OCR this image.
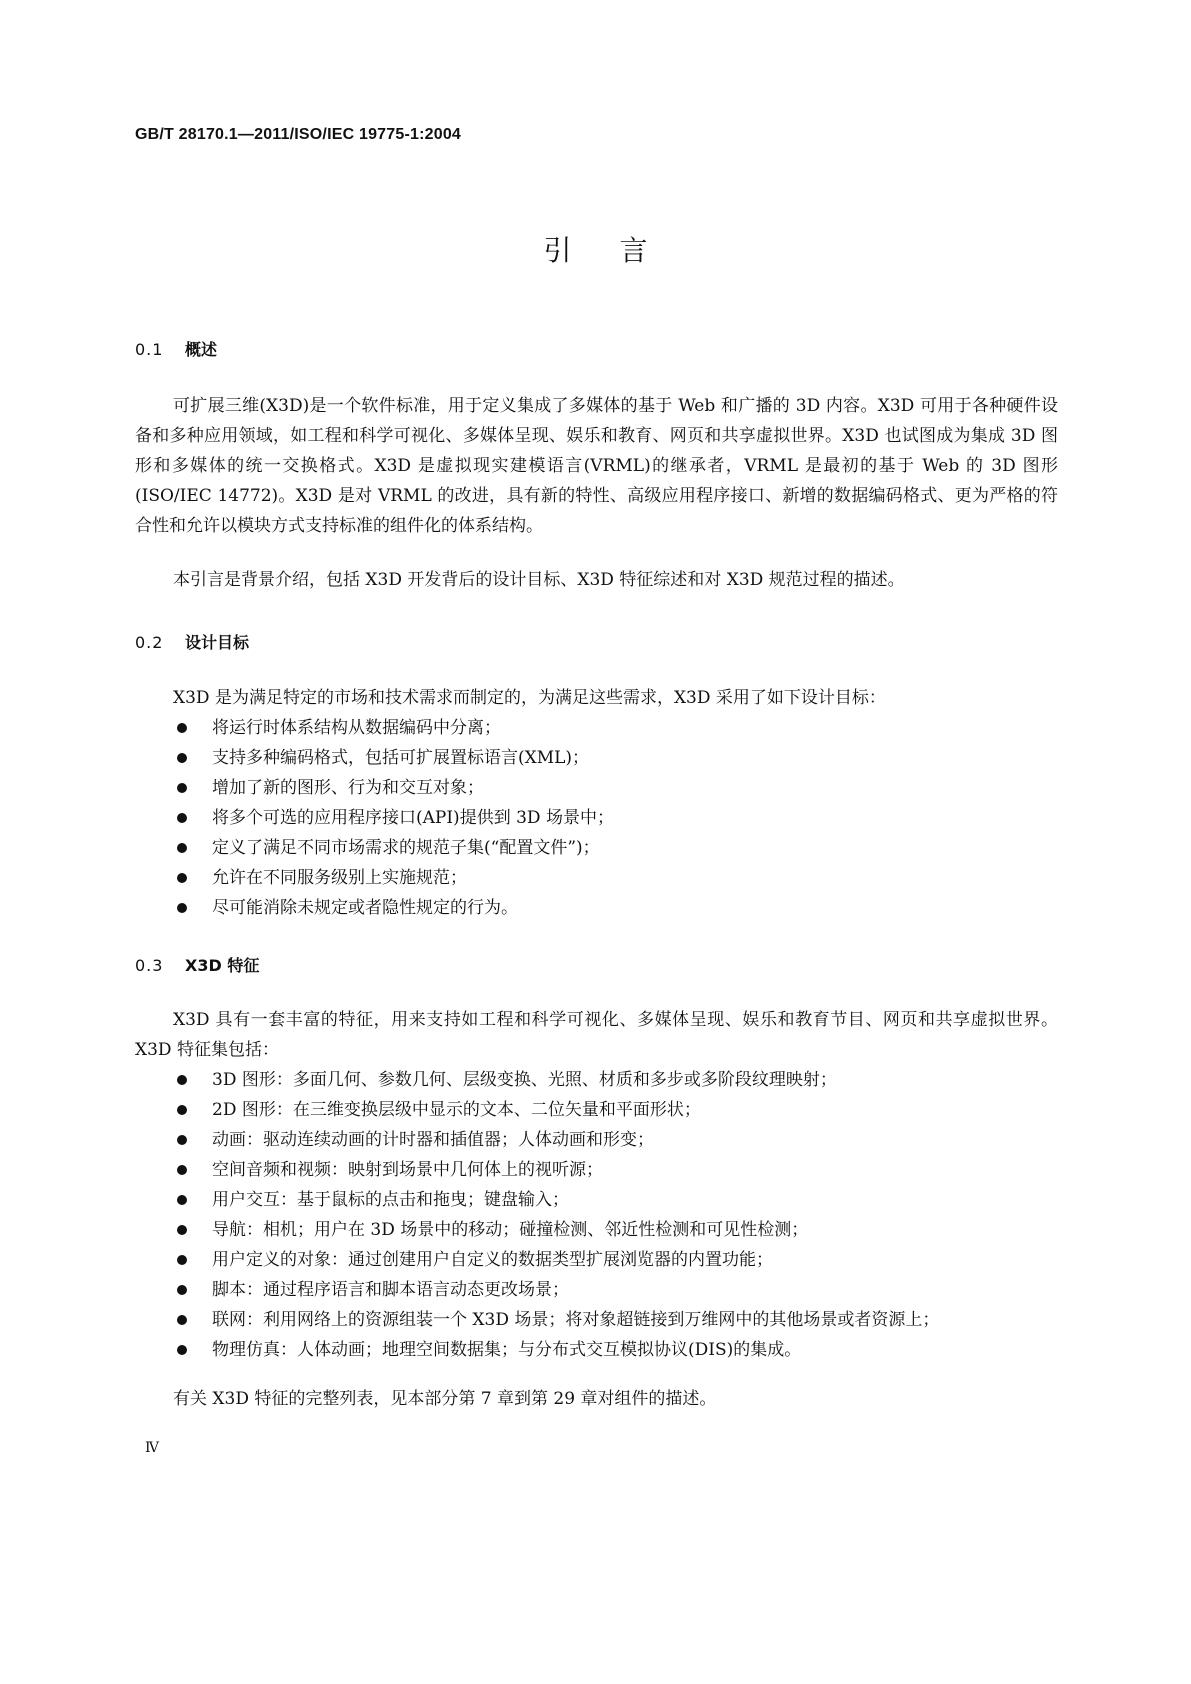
GB/T 28170.1—2011/ISO/IEC 19775-1:2004
引言
0.1 概述

可扩展三维(X3D)是一个软件标准，用于定义集成了多媒体的基于 Web 和广播的 3D 内容。X3D 可用于各种硬件设备和多种应用领域，如工程和科学可视化、多媒体呈现、娱乐和教育、网页和共享虚拟世界。X3D 也试图成为集成 3D 图形和多媒体的统一交换格式。X3D 是虚拟现实建模语言(VRML)的继承者，VRML 是最初的基于 Web 的 3D 图形(ISO/IEC 14772)。X3D 是对 VRML 的改进，具有新的特性、高级应用程序接口、新增的数据编码格式、更为严格的符合性和允许以模块方式支持标准的组件化的体系结构。

本引言是背景介绍，包括 X3D 开发背后的设计目标、X3D 特征综述和对 X3D 规范过程的描述。

0.2 设计目标

X3D 是为满足特定的市场和技术需求而制定的，为满足这些需求，X3D 采用了如下设计目标：

将运行时体系结构从数据编码中分离；
支持多种编码格式，包括可扩展置标语言(XML)；
增加了新的图形、行为和交互对象；
将多个可选的应用程序接口(API)提供到 3D 场景中；
定义了满足不同市场需求的规范子集(“配置文件”)；
允许在不同服务级别上实施规范；
尽可能消除未规定或者隐性规定的行为。
0.3 X3D 特征

X3D 具有一套丰富的特征，用来支持如工程和科学可视化、多媒体呈现、娱乐和教育节目、网页和共享虚拟世界。X3D 特征集包括：

3D 图形：多面几何、参数几何、层级变换、光照、材质和多步或多阶段纹理映射；
2D 图形：在三维变换层级中显示的文本、二位矢量和平面形状；
动画：驱动连续动画的计时器和插值器；人体动画和形变；
空间音频和视频：映射到场景中几何体上的视听源；
用户交互：基于鼠标的点击和拖曳；键盘输入；
导航：相机；用户在 3D 场景中的移动；碰撞检测、邻近性检测和可见性检测；
用户定义的对象：通过创建用户自定义的数据类型扩展浏览器的内置功能；
脚本：通过程序语言和脚本语言动态更改场景；
联网：利用网络上的资源组装一个 X3D 场景；将对象超链接到万维网中的其他场景或者资源上；
物理仿真：人体动画；地理空间数据集；与分布式交互模拟协议(DIS)的集成。

有关 X3D 特征的完整列表，见本部分第 7 章到第 29 章对组件的描述。

Ⅳ
